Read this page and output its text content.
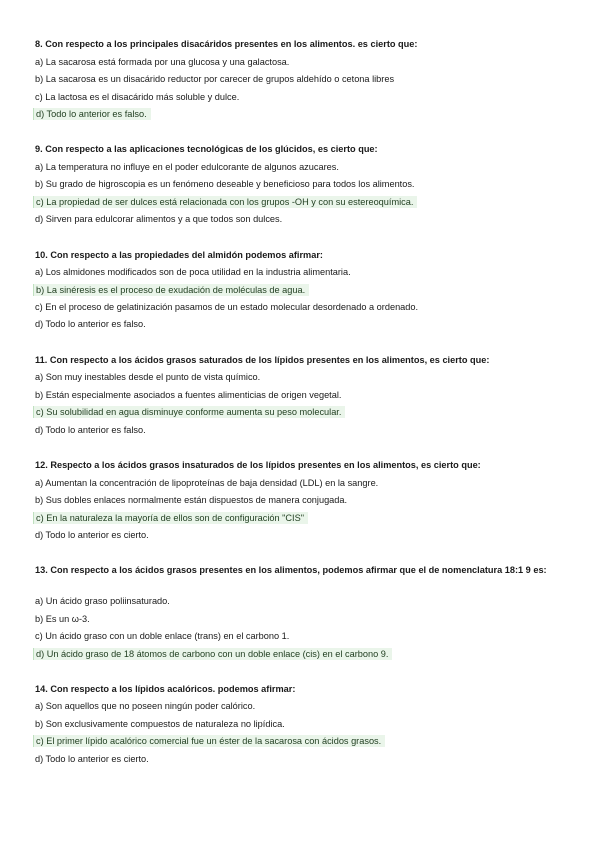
8. Con respecto a los principales disacáridos presentes en los alimentos. es cierto que:
a) La sacarosa está formada por una glucosa y una galactosa.
b) La sacarosa es un disacárido reductor por carecer de grupos aldehído o cetona libres
c) La lactosa es el disacárido más soluble y dulce.
d) Todo lo anterior es falso.
9. Con respecto a las aplicaciones tecnológicas de los glúcidos, es cierto que:
a) La temperatura no influye en el poder edulcorante de algunos azucares.
b) Su grado de higroscopia es un fenómeno deseable y beneficioso para todos los alimentos.
c) La propiedad de ser dulces está relacionada con los grupos -OH y con su estereoquímica.
d) Sirven para edulcorar alimentos y a que todos son dulces.
10. Con respecto a las propiedades del almidón podemos afirmar:
a) Los almidones modificados son de poca utilidad en la industria alimentaria.
b) La sinéresis es el proceso de exudación de moléculas de agua.
c) En el proceso de gelatinización pasamos de un estado molecular desordenado a ordenado.
d) Todo lo anterior es falso.
11. Con respecto a los ácidos grasos saturados de los lípidos presentes en los alimentos, es cierto que:
a) Son muy inestables desde el punto de vista químico.
b) Están especialmente asociados a fuentes alimenticias de origen vegetal.
c) Su solubilidad en agua disminuye conforme aumenta su peso molecular.
d) Todo lo anterior es falso.
12. Respecto a los ácidos grasos insaturados de los lípidos presentes en los alimentos, es cierto que:
a) Aumentan la concentración de lipoproteínas de baja densidad (LDL) en la sangre.
b) Sus dobles enlaces normalmente están dispuestos de manera conjugada.
c) En la naturaleza la mayoría de ellos son de configuración "CIS"
d) Todo lo anterior es cierto.
13. Con respecto a los ácidos grasos presentes en los alimentos, podemos afirmar que el de nomenclatura 18:1 9 es:
a) Un ácido graso poliinsaturado.
b) Es un ω-3.
c) Un ácido graso con un doble enlace (trans) en el carbono 1.
d) Un ácido graso de 18 átomos de carbono con un doble enlace (cis) en el carbono 9.
14. Con respecto a los lípidos acalóricos. podemos afirmar:
a) Son aquellos que no poseen ningún poder calórico.
b) Son exclusivamente compuestos de naturaleza no lipídica.
c) El primer lípido acalórico comercial fue un éster de la sacarosa con ácidos grasos.
d) Todo lo anterior es cierto.
